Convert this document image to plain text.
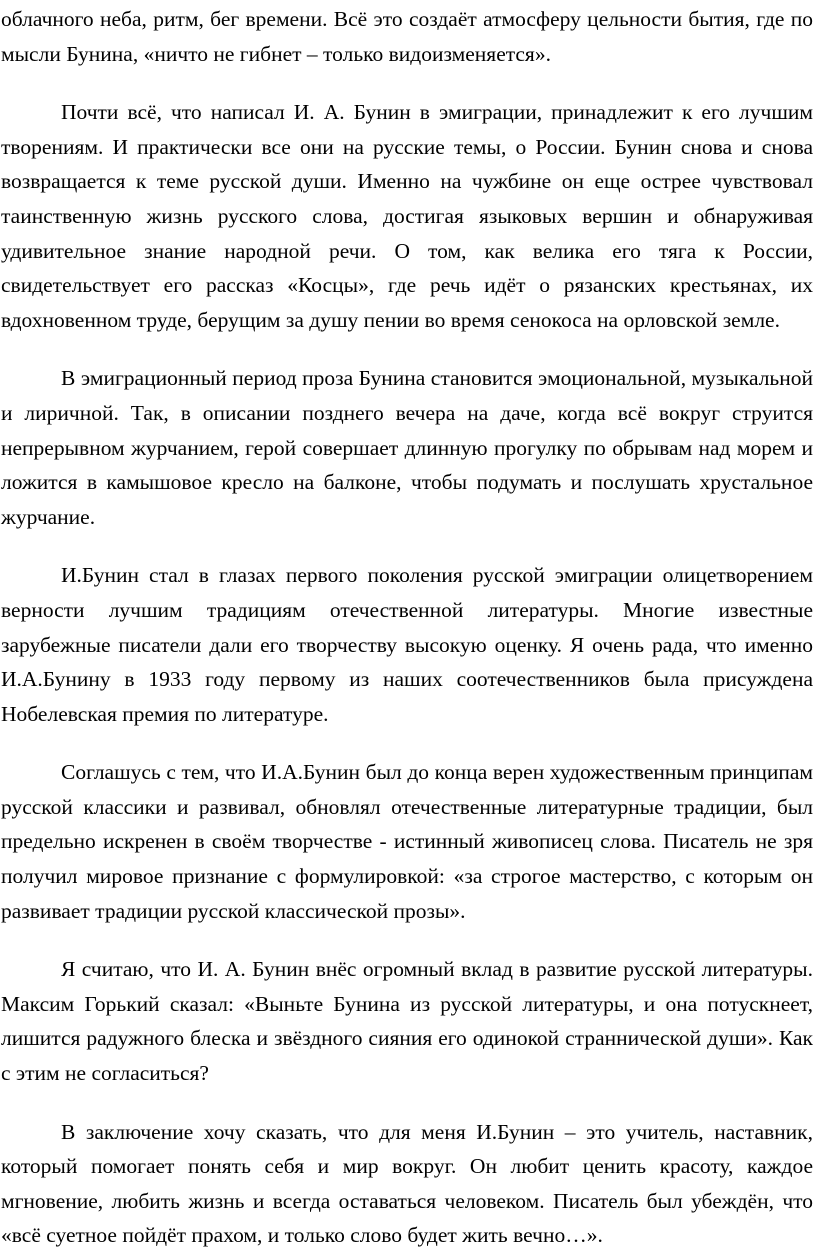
облачного неба, ритм, бег времени. Всё это создаёт атмосферу цельности бытия, где по мысли Бунина, «ничто не гибнет – только видоизменяется».

Почти всё, что написал И. А. Бунин в эмиграции, принадлежит к его лучшим творениям. И практически все они на русские темы, о России. Бунин снова и снова возвращается к теме русской души. Именно на чужбине он еще острее чувствовал таинственную жизнь русского слова, достигая языковых вершин и обнаруживая удивительное знание народной речи. О том, как велика его тяга к России, свидетельствует его рассказ «Косцы», где речь идёт о рязанских крестьянах, их вдохновенном труде, берущим за душу пении во время сенокоса на орловской земле.

В эмиграционный период проза Бунина становится эмоциональной, музыкальной и лиричной. Так, в описании позднего вечера на даче, когда всё вокруг струится непрерывном журчанием, герой совершает длинную прогулку по обрывам над морем и ложится в камышовое кресло на балконе, чтобы подумать и послушать хрустальное журчание.

И.Бунин стал в глазах первого поколения русской эмиграции олицетворением верности лучшим традициям отечественной литературы. Многие известные зарубежные писатели дали его творчеству высокую оценку. Я очень рада, что именно И.А.Бунину в 1933 году первому из наших соотечественников была присуждена Нобелевская премия по литературе.

Соглашусь с тем, что И.А.Бунин был до конца верен художественным принципам русской классики и развивал, обновлял отечественные литературные традиции, был предельно искренен в своём творчестве - истинный живописец слова. Писатель не зря получил мировое признание с формулировкой: «за строгое мастерство, с которым он развивает традиции русской классической прозы».

Я считаю, что И. А. Бунин внёс огромный вклад в развитие русской литературы. Максим Горький сказал: «Выньте Бунина из русской литературы, и она потускнеет, лишится радужного блеска и звёздного сияния его одинокой страннической души». Как с этим не согласиться?

В заключение хочу сказать, что для меня И.Бунин – это учитель, наставник, который помогает понять себя и мир вокруг. Он любит ценить красоту, каждое мгновение, любить жизнь и всегда оставаться человеком. Писатель был убеждён, что «всё суетное пойдёт прахом, и только слово будет жить вечно…».
